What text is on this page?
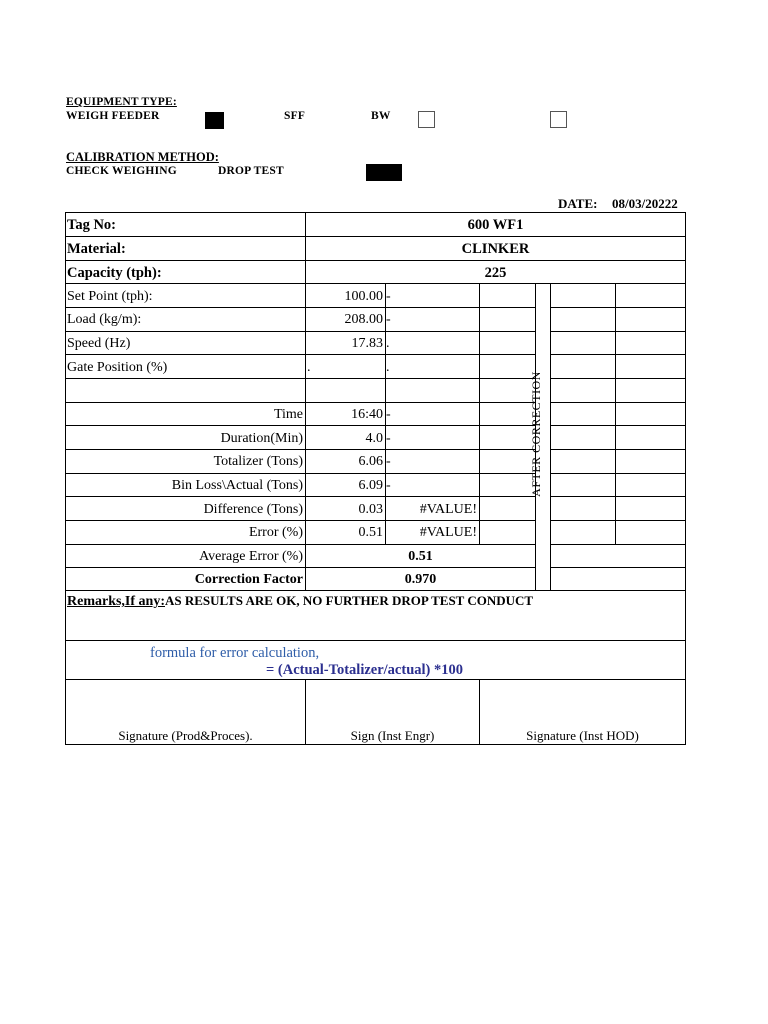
EQUIPMENT TYPE:
WEIGH FEEDER	SFF	BW
CALIBRATION METHOD:
CHECK WEIGHING	DROP TEST
DATE: 08/03/20222
Tag No:	600 WF1
Material:	CLINKER
Capacity (tph):	225
Set Point (tph):	100.00 -
Load (kg/m):	208.00 -
Speed (Hz)	17.83 .
Gate Position (%)	.	.
Time	16:40 -
Duration(Min)	4.0 -
Totalizer (Tons)	6.06 -
Bin Loss\Actual (Tons)	6.09 -
Difference (Tons)	0.03	#VALUE!
Error (%)	0.51	#VALUE!
Average Error (%)	0.51
Correction Factor	0.970
AFTER CORRECTION
Remarks,If any:AS RESULTS ARE OK, NO FURTHER DROP TEST CONDUCT
formula for error calculation,
= (Actual-Totalizer/actual) *100
Signature (Prod&Proces).	Sign (Inst Engr)	Signature (Inst HOD)
